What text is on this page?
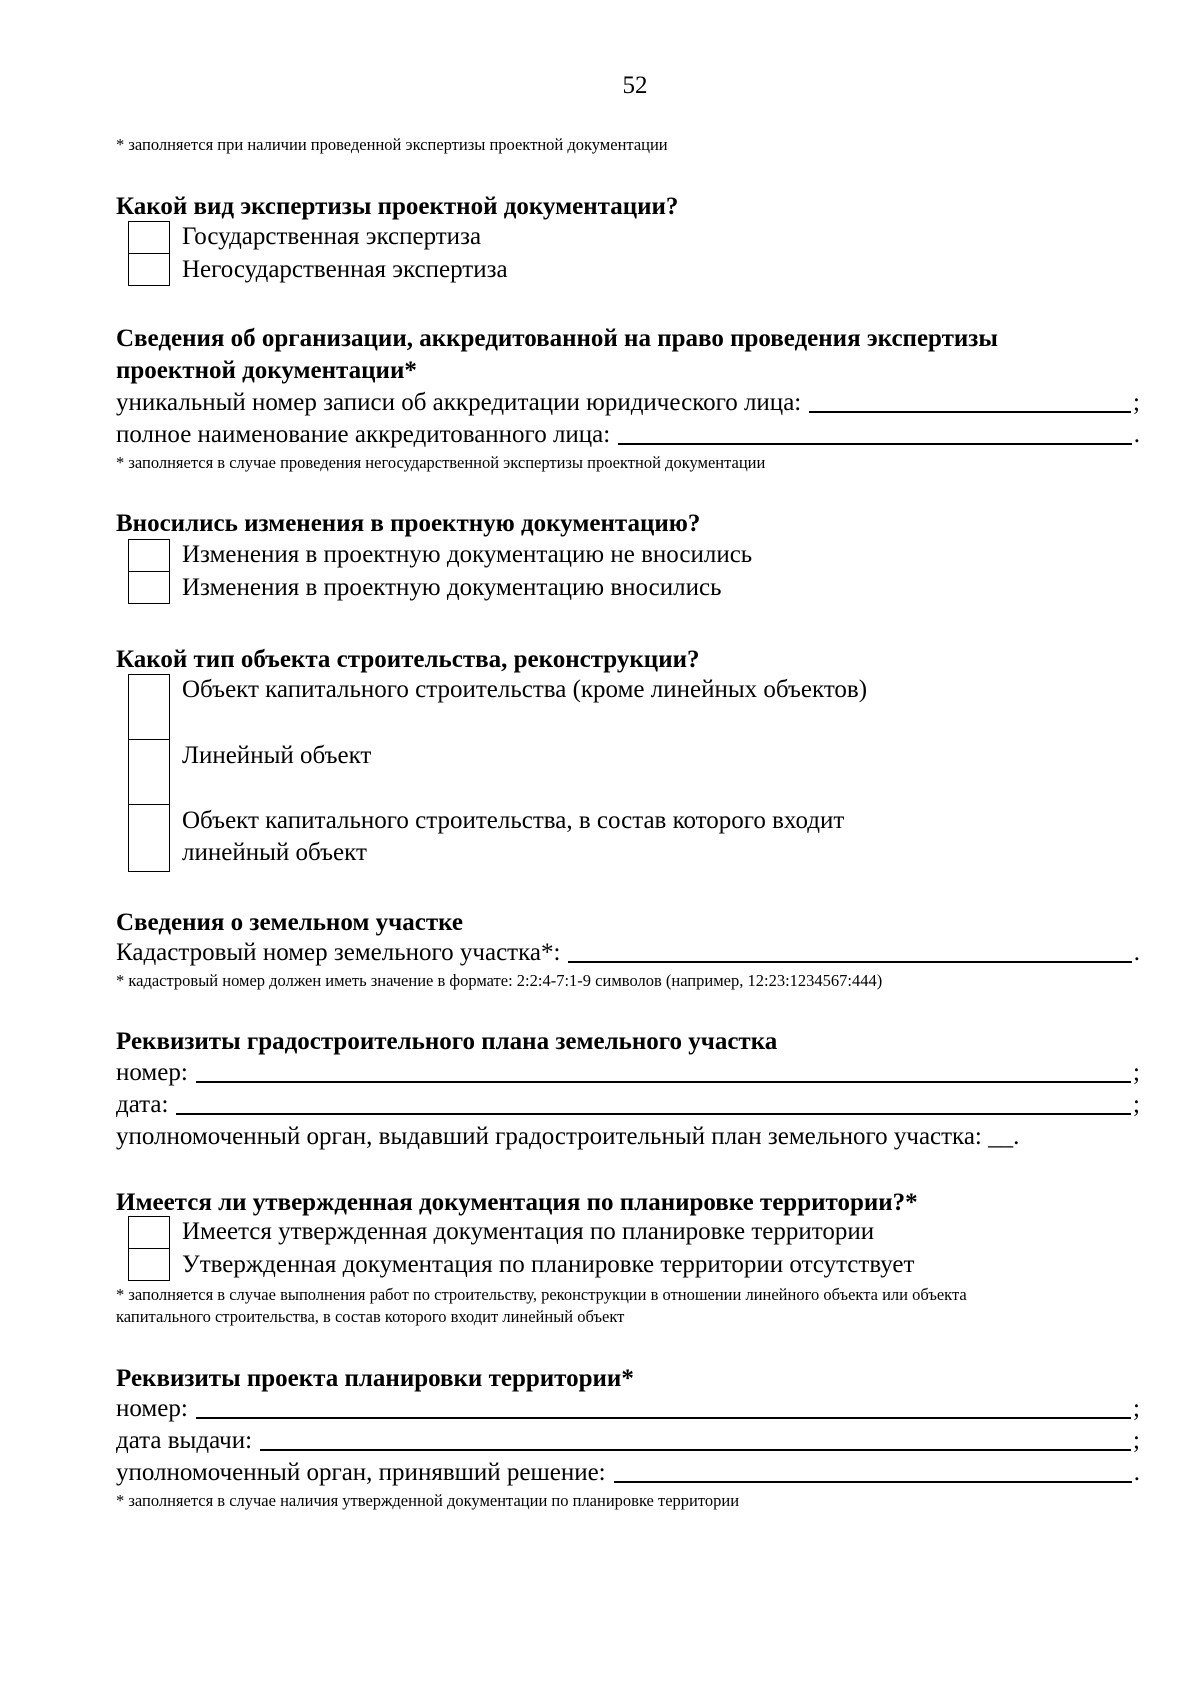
52
* заполняется при наличии проведенной экспертизы проектной документации
Какой вид экспертизы проектной документации?
Государственная экспертиза
Негосударственная экспертиза
Сведения об организации, аккредитованной на право проведения экспертизы
проектной документации*
уникальный номер записи об аккредитации юридического лица:	;
полное наименование аккредитованного лица:	.
* заполняется в случае проведения негосударственной экспертизы проектной документации
Вносились изменения в проектную документацию?
Изменения в проектную документацию не вносились
Изменения в проектную документацию вносились
Какой тип объекта строительства, реконструкции?
Объект капитального строительства (кроме линейных объектов)
Линейный объект
Объект капитального строительства, в состав которого входит
линейный объект
Сведения о земельном участке
Кадастровый номер земельного участка*:	.
* кадастровый номер должен иметь значение в формате: 2:2:4-7:1-9 символов (например, 12:23:1234567:444)
Реквизиты градостроительного плана земельного участка
номер:	;
дата:	;
уполномоченный орган, выдавший градостроительный план земельного участка: __.
Имеется ли утвержденная документация по планировке территории?*
Имеется утвержденная документация по планировке территории
Утвержденная документация по планировке территории отсутствует
* заполняется в случае выполнения работ по строительству, реконструкции в отношении линейного объекта или объекта
капитального строительства, в состав которого входит линейный объект
Реквизиты проекта планировки территории*
номер:	;
дата выдачи:	;
уполномоченный орган, принявший решение:	.
* заполняется в случае наличия утвержденной документации по планировке территории
